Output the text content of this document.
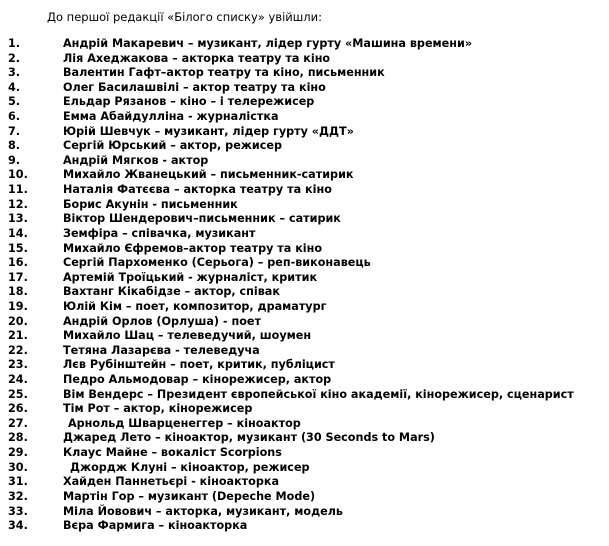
До першої редакції «Білого списку» увійшли:
1.	Андрій Макаревич – музикант, лідер гурту «Машина времени»
2.	Лія Ахеджакова – акторка театру та кіно
3.	Валентин Гафт–актор театру та кіно, письменник
4.	Олег Басилашвілі – актор театру та кіно
5.	Ельдар Рязанов – кіно – і телережисер
6.	Емма Абайдулліна - журналістка
7.	Юрій Шевчук – музикант, лідер гурту «ДДТ»
8.	Сергій Юрський – актор, режисер
9.	Андрій Мягков - актор
10.	Михайло Жванецький – письменник-сатирик
11.	Наталія Фатєєва – акторка театру та кіно
12.	Борис Акунін - письменник
13.	Віктор Шендерович–письменник – сатирик
14.	Земфіра – співачка, музикант
15.	Михайло Єфремов–актор театру та кіно
16.	Сергій Пархоменко (Серьога) – реп-виконавець
17.	Артемій Троїцький - журналіст, критик
18.	Вахтанг Кікабідзе – актор, співак
19.	Юлій Кім – поет, композитор, драматург
20.	Андрій Орлов (Орлуша) - поет
21.	Михайло Шац – телеведучий, шоумен
22.	Тетяна Лазарєва - телеведуча
23.	Лєв Рубінштейн – поет, критик, публіцист
24.	Педро Альмодовар – кінорежисер, актор
25.	Вім Вендерс – Президент європейської кіно академії, кінорежисер, сценарист
26.	Тім Рот – актор, кінорежисер
27.	Арнольд Шварценеггер – кіноактор
28.	Джаред Лето – кіноактор, музикант (30 Seconds to Mars)
29.	Клаус Майне – вокаліст Scorpions
30.	Джордж Клуні – кіноактор, режисер
31.	Хайден Паннетьєрі - кіноакторка
32.	Мартін Гор – музикант (Depeche Mode)
33.	Міла Йовович – акторка, музикант, модель
34.	Вєра Фармига – кіноакторка
